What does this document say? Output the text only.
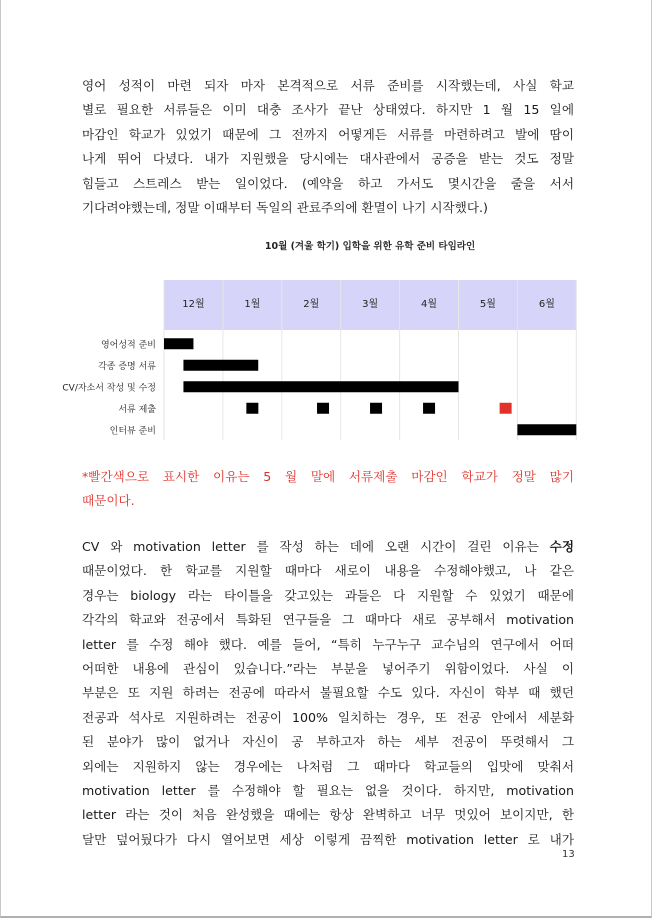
영어 성적이 마련 되자 마자 본격적으로 서류 준비를 시작했는데, 사실 학교
별로 필요한 서류들은 이미 대충 조사가 끝난 상태였다. 하지만 1 월 15 일에
마감인 학교가 있었기 때문에 그 전까지 어떻게든 서류를 마련하려고 발에 땀이
나게 뛰어 다녔다. 내가 지원했을 당시에는 대사관에서 공증을 받는 것도 정말
힘들고 스트레스 받는 일이었다. (예약을 하고 가서도 몇시간을 줄을 서서
기다려야했는데, 정말 이때부터 독일의 관료주의에 환멸이 나기 시작했다.)
10월 (겨울 학기) 입학을 위한 유학 준비 타임라인
12월	1월	2월	3월	4월	5월	6월
영어성적 준비
각종 증명 서류
CV/자소서 작성 및 수정
서류 제출
인터뷰 준비
*빨간색으로 표시한 이유는 5 월 말에 서류제출 마감인 학교가 정말 많기
때문이다.
CV 와 motivation letter 를 작성 하는 데에 오랜 시간이 걸린 이유는 수정
때문이었다. 한 학교를 지원할 때마다 새로이 내용을 수정해야했고, 나 같은
경우는 biology 라는 타이틀을 갖고있는 과들은 다 지원할 수 있었기 때문에
각각의 학교와 전공에서 특화된 연구들을 그 때마다 새로 공부해서 motivation
letter 를 수정 해야 했다. 예를 들어, “특히 누구누구 교수님의 연구에서 어떠
어떠한 내용에 관심이 있습니다.”라는 부분을 넣어주기 위함이었다. 사실 이
부분은 또 지원 하려는 전공에 따라서 불필요할 수도 있다. 자신이 학부 때 했던
전공과 석사로 지원하려는 전공이 100% 일치하는 경우, 또 전공 안에서 세분화
된 분야가 많이 없거나 자신이 공 부하고자 하는 세부 전공이 뚜렷해서 그
외에는 지원하지 않는 경우에는 나처럼 그 때마다 학교들의 입맛에 맞춰서
motivation letter 를 수정해야 할 필요는 없을 것이다. 하지만, motivation
letter 라는 것이 처음 완성했을 때에는 항상 완벽하고 너무 멋있어 보이지만, 한
달만 덮어뒀다가 다시 열어보면 세상 이렇게 끔찍한 motivation letter 로 내가
13
